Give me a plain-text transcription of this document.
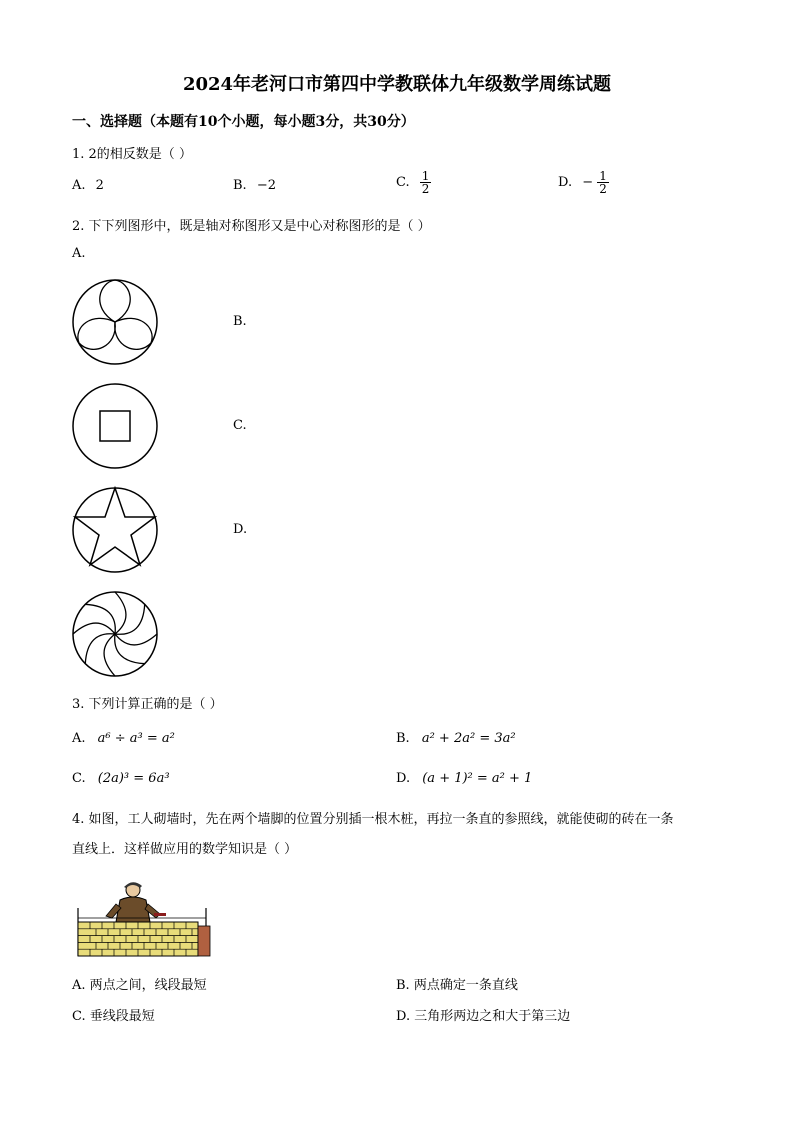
2024年老河口市第四中学教联体九年级数学周练试题
一、选择题（本题有10个小题，每小题3分，共30分）
1. 2的相反数是（ ）
A. 2	B. −2	C. $\frac{1}{2}$	D. − $\frac{1}{2}$
2. 下下列图形中，既是轴对称图形又是中心对称图形的是（ ）
A.
B.
C.
D.
3. 下列计算正确的是（ ）
A. a⁶ ÷ a³ = a²	B. a² + 2a² = 3a²
C. (2a)³ = 6a³	D. (a + 1)² = a² + 1
4. 如图，工人砌墙时，先在两个墙脚的位置分别插一根木桩，再拉一条直的参照线，就能使砌的砖在一条
直线上．这样做应用的数学知识是（ ）
A. 两点之间，线段最短	B. 两点确定一条直线
C. 垂线段最短	D. 三角形两边之和大于第三边
